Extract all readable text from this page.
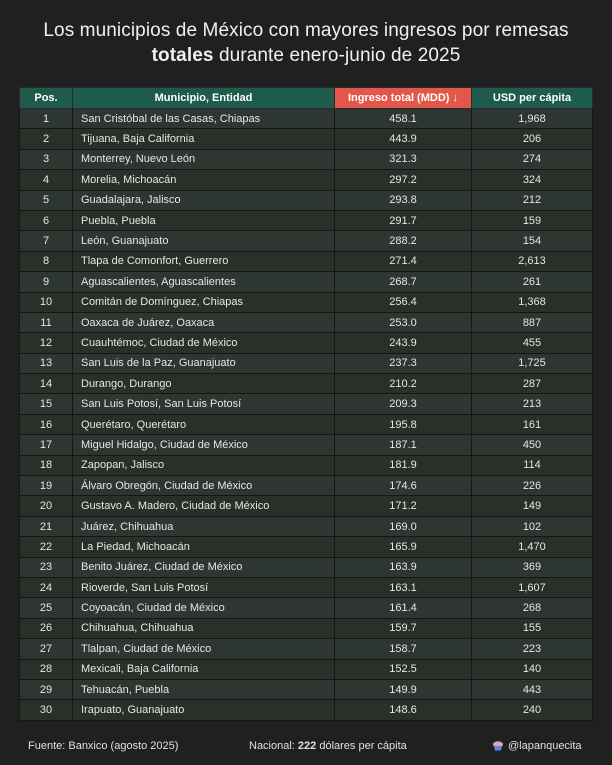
Los municipios de México con mayores ingresos por remesas
totales durante enero-junio de 2025
Pos.	Municipio, Entidad	Ingreso total (MDD) ↓	USD per cápita
1	San Cristóbal de las Casas, Chiapas	458.1	1,968
2	Tijuana, Baja California	443.9	206
3	Monterrey, Nuevo León	321.3	274
4	Morelia, Michoacán	297.2	324
5	Guadalajara, Jalisco	293.8	212
6	Puebla, Puebla	291.7	159
7	León, Guanajuato	288.2	154
8	Tlapa de Comonfort, Guerrero	271.4	2,613
9	Aguascalientes, Aguascalientes	268.7	261
10	Comitán de Domínguez, Chiapas	256.4	1,368
11	Oaxaca de Juárez, Oaxaca	253.0	887
12	Cuauhtémoc, Ciudad de México	243.9	455
13	San Luis de la Paz, Guanajuato	237.3	1,725
14	Durango, Durango	210.2	287
15	San Luis Potosí, San Luis Potosí	209.3	213
16	Querétaro, Querétaro	195.8	161
17	Miguel Hidalgo, Ciudad de México	187.1	450
18	Zapopan, Jalisco	181.9	114
19	Álvaro Obregón, Ciudad de México	174.6	226
20	Gustavo A. Madero, Ciudad de México	171.2	149
21	Juárez, Chihuahua	169.0	102
22	La Piedad, Michoacán	165.9	1,470
23	Benito Juárez, Ciudad de México	163.9	369
24	Rioverde, San Luis Potosí	163.1	1,607
25	Coyoacán, Ciudad de México	161.4	268
26	Chihuahua, Chihuahua	159.7	155
27	Tlalpan, Ciudad de México	158.7	223
28	Mexicali, Baja California	152.5	140
29	Tehuacán, Puebla	149.9	443
30	Irapuato, Guanajuato	148.6	240
Fuente: Banxico (agosto 2025)	Nacional: 222 dólares per cápita	@lapanquecita
